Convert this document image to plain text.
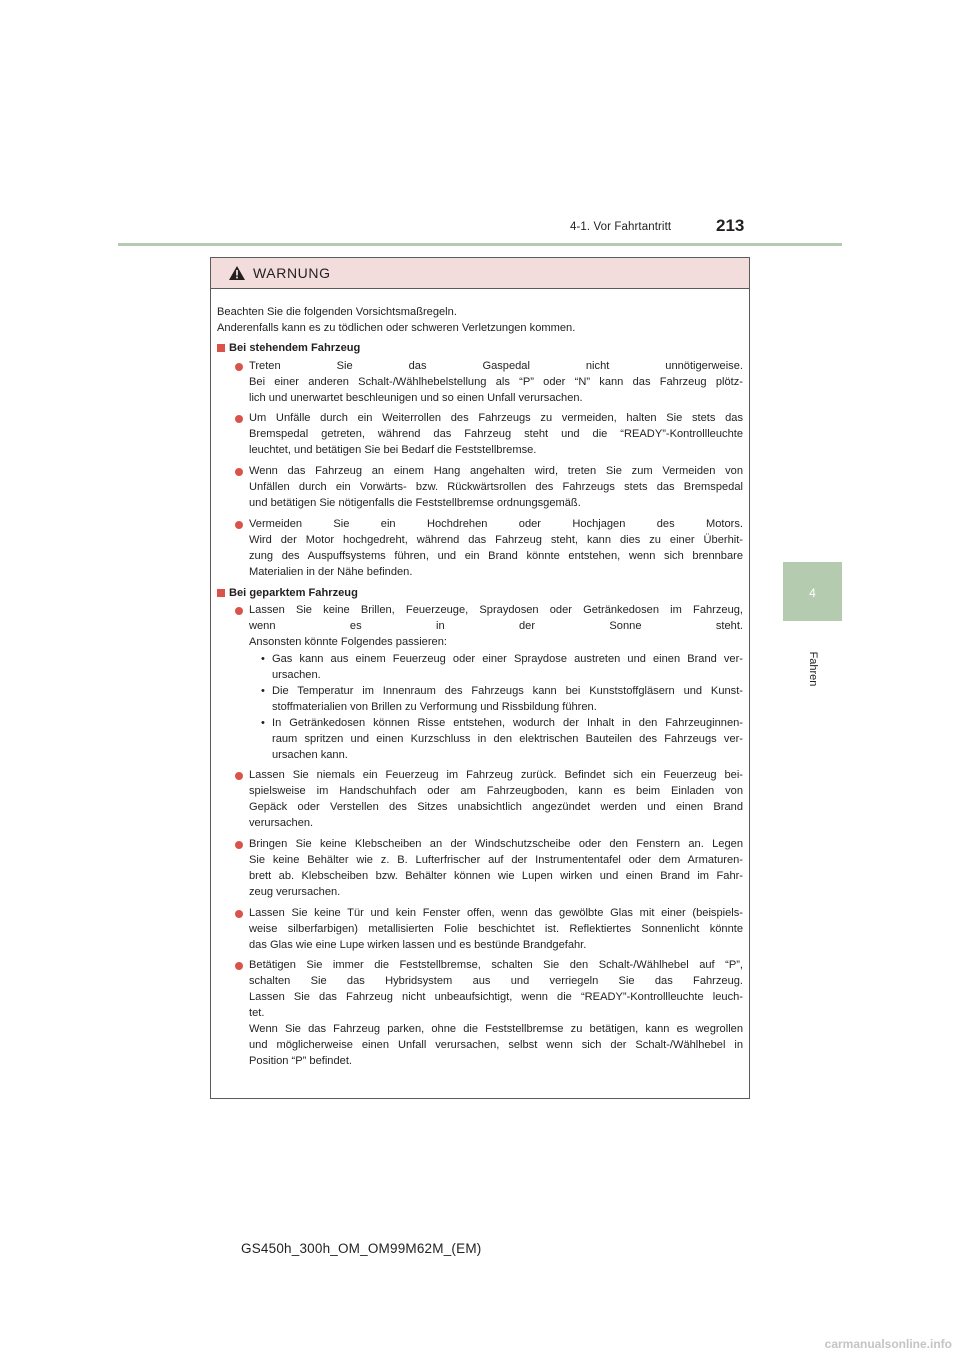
4-1. Vor Fahrtantritt	213
4
Fahren
WARNUNG
Beachten Sie die folgenden Vorsichtsmaßregeln.
Anderenfalls kann es zu tödlichen oder schweren Verletzungen kommen.
Bei stehendem Fahrzeug
Treten Sie das Gaspedal nicht unnötigerweise.
Bei einer anderen Schalt-/Wählhebelstellung als “P” oder “N” kann das Fahrzeug plötz-
lich und unerwartet beschleunigen und so einen Unfall verursachen.
Um Unfälle durch ein Weiterrollen des Fahrzeugs zu vermeiden, halten Sie stets das
Bremspedal getreten, während das Fahrzeug steht und die “READY”-Kontrollleuchte
leuchtet, und betätigen Sie bei Bedarf die Feststellbremse.
Wenn das Fahrzeug an einem Hang angehalten wird, treten Sie zum Vermeiden von
Unfällen durch ein Vorwärts- bzw. Rückwärtsrollen des Fahrzeugs stets das Bremspedal
und betätigen Sie nötigenfalls die Feststellbremse ordnungsgemäß.
Vermeiden Sie ein Hochdrehen oder Hochjagen des Motors.
Wird der Motor hochgedreht, während das Fahrzeug steht, kann dies zu einer Überhit-
zung des Auspuffsystems führen, und ein Brand könnte entstehen, wenn sich brennbare
Materialien in der Nähe befinden.
Bei geparktem Fahrzeug
Lassen Sie keine Brillen, Feuerzeuge, Spraydosen oder Getränkedosen im Fahrzeug,
wenn es in der Sonne steht.
Ansonsten könnte Folgendes passieren:
• Gas kann aus einem Feuerzeug oder einer Spraydose austreten und einen Brand ver-
ursachen.
• Die Temperatur im Innenraum des Fahrzeugs kann bei Kunststoffgläsern und Kunst-
stoffmaterialien von Brillen zu Verformung und Rissbildung führen.
• In Getränkedosen können Risse entstehen, wodurch der Inhalt in den Fahrzeuginnen-
raum spritzen und einen Kurzschluss in den elektrischen Bauteilen des Fahrzeugs ver-
ursachen kann.
Lassen Sie niemals ein Feuerzeug im Fahrzeug zurück. Befindet sich ein Feuerzeug bei-
spielsweise im Handschuhfach oder am Fahrzeugboden, kann es beim Einladen von
Gepäck oder Verstellen des Sitzes unabsichtlich angezündet werden und einen Brand
verursachen.
Bringen Sie keine Klebscheiben an der Windschutzscheibe oder den Fenstern an. Legen
Sie keine Behälter wie z. B. Lufterfrischer auf der Instrumententafel oder dem Armaturen-
brett ab. Klebscheiben bzw. Behälter können wie Lupen wirken und einen Brand im Fahr-
zeug verursachen.
Lassen Sie keine Tür und kein Fenster offen, wenn das gewölbte Glas mit einer (beispiels-
weise silberfarbigen) metallisierten Folie beschichtet ist. Reflektiertes Sonnenlicht könnte
das Glas wie eine Lupe wirken lassen und es bestünde Brandgefahr.
Betätigen Sie immer die Feststellbremse, schalten Sie den Schalt-/Wählhebel auf “P”,
schalten Sie das Hybridsystem aus und verriegeln Sie das Fahrzeug.
Lassen Sie das Fahrzeug nicht unbeaufsichtigt, wenn die “READY”-Kontrollleuchte leuch-
tet.
Wenn Sie das Fahrzeug parken, ohne die Feststellbremse zu betätigen, kann es wegrollen
und möglicherweise einen Unfall verursachen, selbst wenn sich der Schalt-/Wählhebel in
Position “P” befindet.
GS450h_300h_OM_OM99M62M_(EM)
carmanualsonline.info
